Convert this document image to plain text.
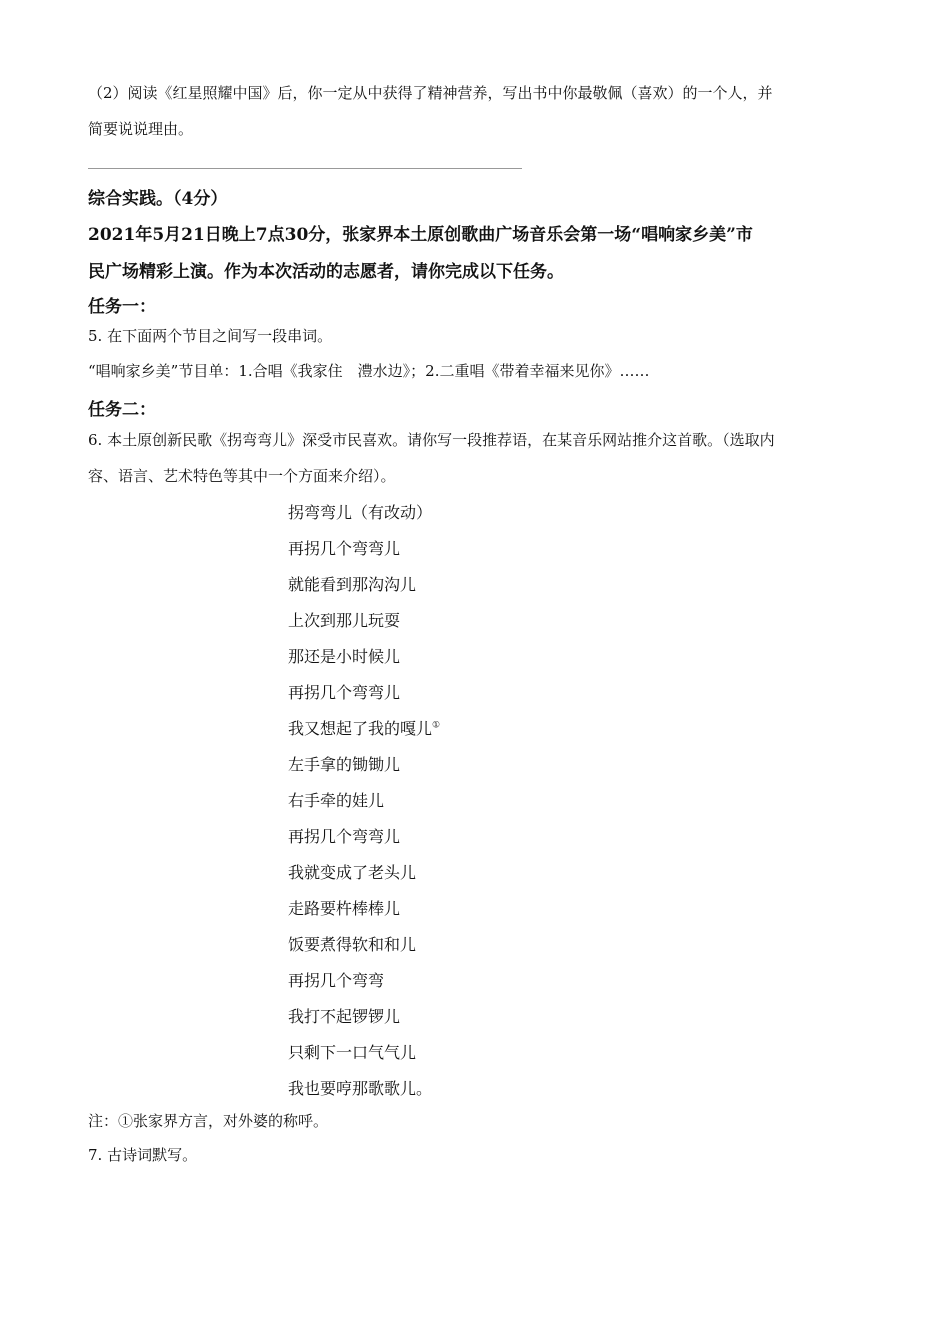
（2）阅读《红星照耀中国》后，你一定从中获得了精神营养，写出书中你最敬佩（喜欢）的一个人，并
简要说说理由。
综合实践。（4分）
2021年5月21日晚上7点30分，张家界本土原创歌曲广场音乐会第一场“唱响家乡美”市
民广场精彩上演。作为本次活动的志愿者，请你完成以下任务。
任务一：
5. 在下面两个节目之间写一段串词。
“唱响家乡美”节目单：1.合唱《我家住　澧水边》；2.二重唱《带着幸福来见你》……
任务二：
6. 本土原创新民歌《拐弯弯儿》深受市民喜欢。请你写一段推荐语，在某音乐网站推介这首歌。（选取内
容、语言、艺术特色等其中一个方面来介绍）。
拐弯弯儿（有改动）
再拐几个弯弯儿
就能看到那沟沟儿
上次到那儿玩耍
那还是小时候儿
再拐几个弯弯儿
我又想起了我的嘎儿①
左手拿的锄锄儿
右手牵的娃儿
再拐几个弯弯儿
我就变成了老头儿
走路要杵棒棒儿
饭要煮得软和和儿
再拐几个弯弯
我打不起锣锣儿
只剩下一口气气儿
我也要哼那歌歌儿。
注：①张家界方言，对外婆的称呼。
7. 古诗词默写。
